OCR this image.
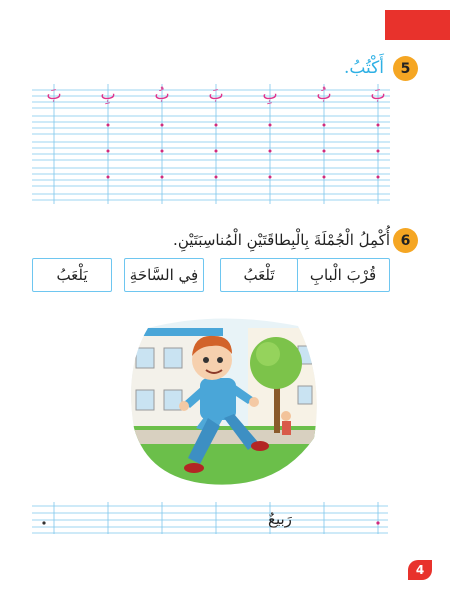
5
أَكْتُبُ.
بَ
بُ
بِ
بَ
بُ
بِ
بَ
6
أُكْمِلُ الْجُمْلَةَ بِالْبِطاقَتَيْنِ الْمُناسِبَتَيْنِ.
قُرْبَ الْبابِ
تَلْعَبُ
فِي السَّاحَةِ
يَلْعَبُ
رَبيعٌ
4
